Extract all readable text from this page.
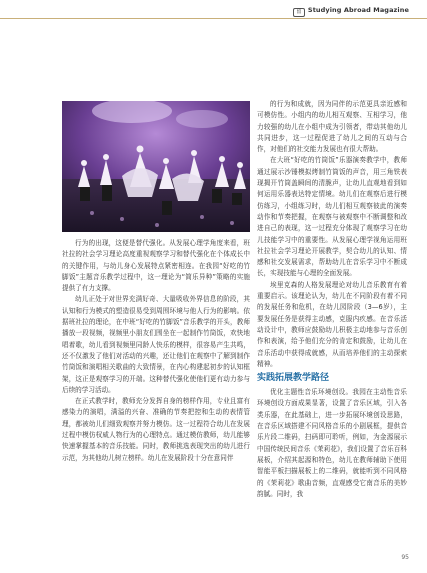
留 Studying Abroad Magazine

行为的出现，这便是替代强化。从发展心理学角度来看，班社拉的社会学习理论高度重视观察学习和替代强化在个体成长中的关键作用，与幼儿身心发展特点紧密相连。在我园“好吃的竹脚饭”主题音乐教学过程中，这一理论为“简乐异种”策略的实施提供了有力支撑。

幼儿正处于对世界充满好奇、大量吸收外界信息的阶段，其认知和行为模式的塑造很易受到周围环境与他人行为的影响。依据班社拉的理论，在中班“好吃的竹脚饭”音乐教学的开头，教师播放一段视频，视频里小朋友们围坐在一起制作竹筒饭，欢快地唱着歌，幼儿看到视频里同龄人快乐的模样，很容易产生共鸣，还不仅激发了他们对活动的兴趣，还让他们在观察中了解到制作竹筒饭和演唱相关歌曲的大致情景，在内心构建起初步的认知框架，这正是观察学习的开端。这种替代强化使他们更有动力参与后续的学习活动。

在正式教学时，教师充分发挥自身的榜样作用，专业且富有感染力的演唱，满溢的兴奋、准确的节奏把控和生动的表情管理，都被幼儿们细致观察并努力模仿。这一过程符合幼儿在发展过程中模仿权威人物行为的心理特点。通过模仿教师，幼儿能够快速掌握基本的音乐技能。同时，教师挑选表现突出的幼儿进行示范，为其他幼儿树立榜样。幼儿在发展阶段十分在意同伴

的行为和成就，因为同伴的示范更具亲近感和可模仿性。小组内的幼儿相互观察、互相学习，他力较强的幼儿在小组中成为引领者，带动其他幼儿共同进步，这一过程促进了幼儿之间的互动与合作，对他们的社交能力发展也有很大帮助。

在大班“好吃的竹筒饭”乐器演奏教学中，教师通过展示沙锤模拟烤制竹筒饭的声音，用三角铁表现揭开竹筒盖瞬间的清脆声，让幼儿直观地看到如何运用乐器表达特定情境。幼儿们在观察后进行模仿练习，小组练习时，幼儿们相互观察彼此的演奏动作和节奏把握，在观察与被观察中不断调整和改进自己的表现，这一过程充分体现了观察学习在幼儿技能学习中的重要性。从发展心理学视角运用班社拉社会学习理论开展教学，契合幼儿的认知、情感和社交发展需求，帮助幼儿在音乐学习中不断成长，实现技能与心理的全面发展。

埃里克森的人格发展理论对幼儿音乐教育有着重要启示。该理论认为，幼儿在不同阶段有着不同的发展任务和危机，在幼儿园阶段（3—6岁），主要发展任务是获得主动感，克服内疚感。在音乐活动设计中，教师应鼓励幼儿积极主动地参与音乐创作和表演，给予他们充分的肯定和鼓励，让幼儿在音乐活动中获得成就感，从而培养他们的主动探索精神。

实践拓展教学路径

优化主题性音乐环境创设。我园在主动性音乐环境创设方面成果显著，设置了音乐区域，引入各类乐器，在此基础上，进一步拓展环境创设思路，在音乐区域搭建不同风格音乐的小剧展框，提供音乐片段二维码，扫码即可聆听，例如，为金源展示中国传统民间音乐《茉莉花》，我们设置了音乐百科展板，介绍其起源和特色，幼儿在教师辅助下使用智能平板扫描展板上的二维码，就能听到不同风格的《茉莉花》歌曲音频，直观感受它南音乐的美妙韵腻。同时，我

95
